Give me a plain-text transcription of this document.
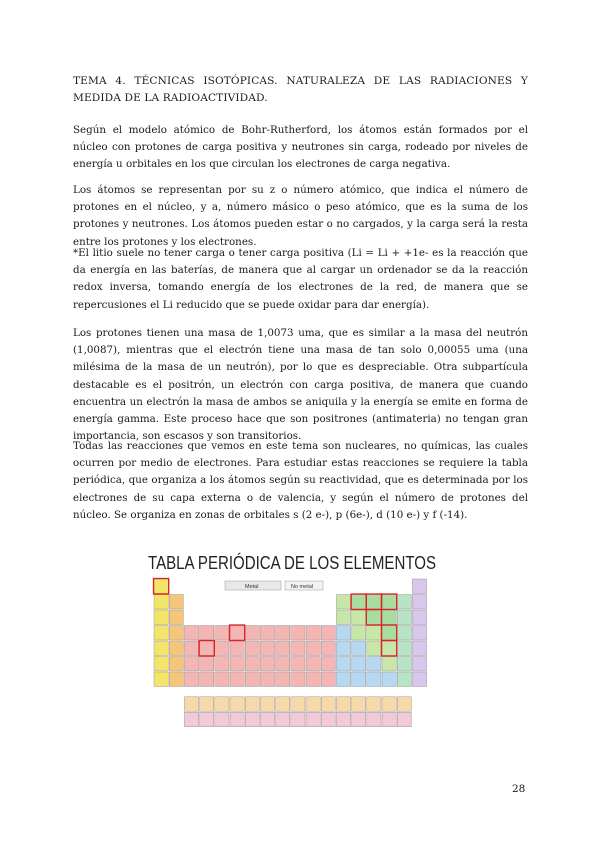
TEMA 4. TÉCNICAS ISOTÓPICAS. NATURALEZA DE LAS RADIACIONES Y
MEDIDA DE LA RADIOACTIVIDAD.

Según el modelo atómico de Bohr-Rutherford, los átomos están formados por el núcleo con protones de carga positiva y neutrones sin carga, rodeado por niveles de energía u orbitales en los que circulan los electrones de carga negativa.

Los átomos se representan por su z o número atómico, que indica el número de protones en el núcleo, y a, número másico o peso atómico, que es la suma de los protones y neutrones. Los átomos pueden estar o no cargados, y la carga será la resta entre los protones y los electrones.

*El litio suele no tener carga o tener carga positiva (Li = Li + +1e- es la reacción que da energía en las baterías, de manera que al cargar un ordenador se da la reacción redox inversa, tomando energía de los electrones de la red, de manera que se repercusiones el Li reducido que se puede oxidar para dar energía).

Los protones tienen una masa de 1,0073 uma, que es similar a la masa del neutrón (1,0087), mientras que el electrón tiene una masa de tan solo 0,00055 uma (una milésima de la masa de un neutrón), por lo que es despreciable. Otra subpartícula destacable es el positrón, un electrón con carga positiva, de manera que cuando encuentra un electrón la masa de ambos se aniquila y la energía se emite en forma de energía gamma. Este proceso hace que son positrones (antimateria) no tengan gran importancia, son escasos y son transitorios.

Todas las reacciones que vemos en este tema son nucleares, no químicas, las cuales ocurren por medio de electrones. Para estudiar estas reacciones se requiere la tabla periódica, que organiza a los átomos según su reactividad, que es determinada por los electrones de su capa externa o de valencia, y según el número de protones del núcleo. Se organiza en zonas de orbitales s (2 e-), p (6e-), d (10 e-) y f (-14).

TABLA PERIÓDICA DE LOS ELEMENTOS
Metal	No metal
28
